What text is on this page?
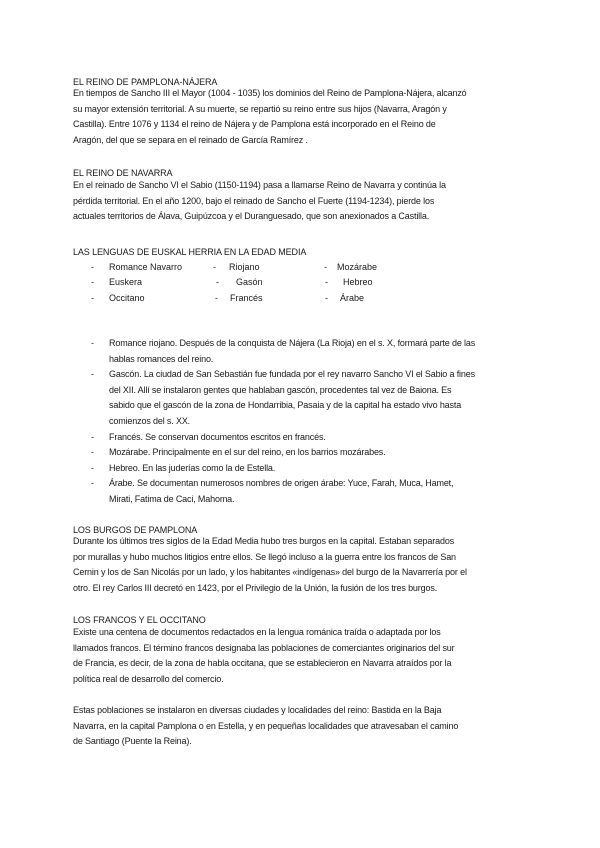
EL REINO DE PAMPLONA-NÁJERA
En tiempos de Sancho III el Mayor (1004 - 1035) los dominios del Reino de Pamplona-Nájera, alcanzó
su mayor extensión territorial. A su muerte, se repartió su reino entre sus hijos (Navarra, Aragón y
Castilla). Entre 1076 y 1134 el reino de Nájera y de Pamplona está incorporado en el Reino de
Aragón, del que se separa en el reinado de García Ramírez .
EL REINO DE NAVARRA
En el reinado de Sancho VI el Sabio (1150-1194) pasa a llamarse Reino de Navarra y continúa la
pérdida territorial. En el año 1200, bajo el reinado de Sancho el Fuerte (1194-1234), pierde los
actuales territorios de Álava, Guipúzcoa y el Duranguesado, que son anexionados a Castilla.
LAS LENGUAS DE EUSKAL HERRIA EN LA EDAD MEDIA
- Romance Navarro	- Riojano	- Mozárabe
- Euskera	- Gasón	- Hebreo
- Occitano	- Francés	- Árabe
- Romance riojano. Después de la conquista de Nájera (La Rioja) en el s. X, formará parte de las
hablas romances del reino.
- Gascón. La ciudad de San Sebastián fue fundada por el rey navarro Sancho VI el Sabio a fines
del XII. Allí se instalaron gentes que hablaban gascón, procedentes tal vez de Baiona. Es
sabido que el gascón de la zona de Hondarribia, Pasaia y de la capital ha estado vivo hasta
comienzos del s. XX.
- Francés. Se conservan documentos escritos en francés.
- Mozárabe. Principalmente en el sur del reino, en los barrios mozárabes.
- Hebreo. En las juderías como la de Estella.
- Árabe. Se documentan numerosos nombres de origen árabe: Yuce, Farah, Muca, Hamet,
Mirati, Fatima de Caci, Mahoma.
LOS BURGOS DE PAMPLONA
Durante los últimos tres siglos de la Edad Media hubo tres burgos en la capital. Estaban separados
por murallas y hubo muchos litigios entre ellos. Se llegó incluso a la guerra entre los francos de San
Cernin y los de San Nicolás por un lado, y los habitantes «indígenas» del burgo de la Navarrería por el
otro. El rey Carlos III decretó en 1423, por el Privilegio de la Unión, la fusión de los tres burgos.
LOS FRANCOS Y EL OCCITANO
Existe una centena de documentos redactados en la lengua románica traída o adaptada por los
llamados francos. El término francos designaba las poblaciones de comerciantes originarios del sur
de Francia, es decir, de la zona de habla occitana, que se establecieron en Navarra atraídos por la
política real de desarrollo del comercio.
Estas poblaciones se instalaron en diversas ciudades y localidades del reino: Bastida en la Baja
Navarra, en la capital Pamplona o en Estella, y en pequeñas localidades que atravesaban el camino
de Santiago (Puente la Reina).
